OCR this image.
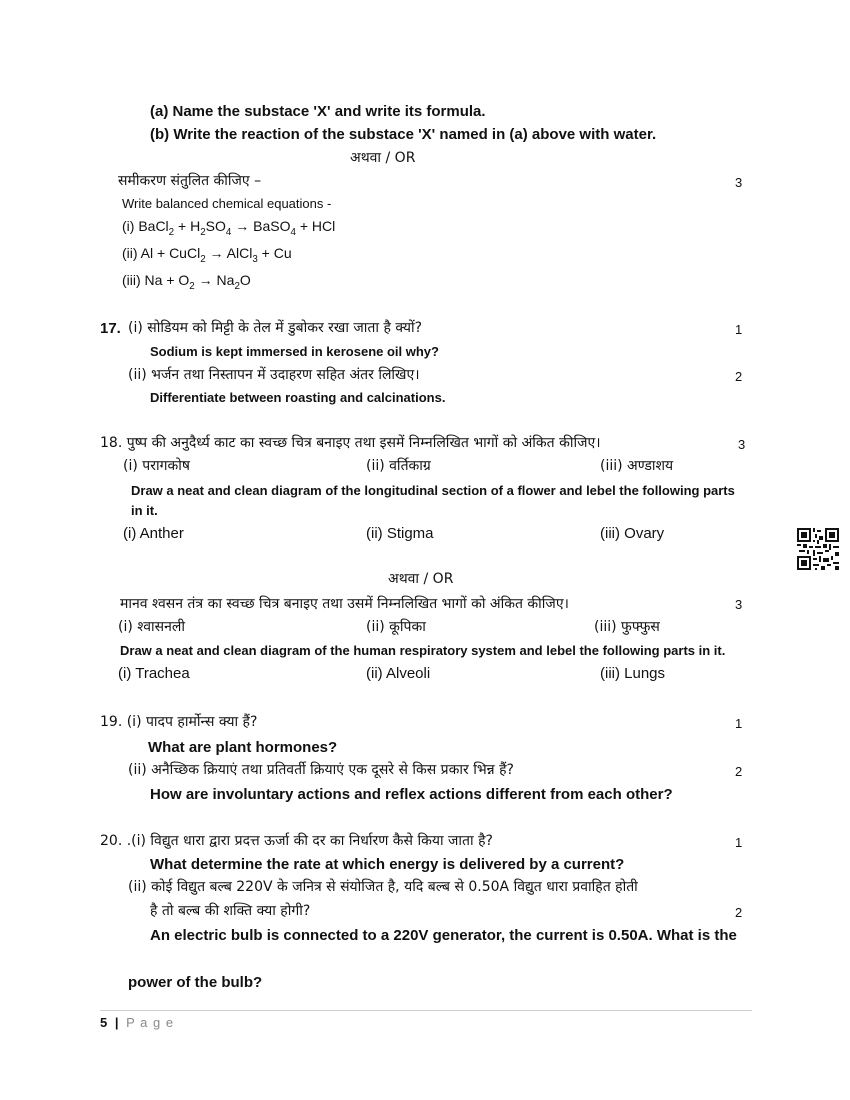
(a) Name the substace 'X' and write its formula.
(b) Write the reaction of the substace 'X' named in (a) above with water.
अथवा / OR
समीकरण संतुलित कीजिए –	3
Write balanced chemical equations -
(i) BaCl$_2$ + $H_2SO_4$ → BaSO$_4$ + HCl
(ii) Al + CuCl$_2$ → AlCl$_3$ + Cu
(iii) $Na + O_2 \to Na_2O$
17. (i) सोडियम को मिट्टी के तेल में डुबोकर रखा जाता है क्यों?	1
Sodium is kept immersed in kerosene oil why?
(ii) भर्जन तथा निस्तापन में उदाहरण सहित अंतर लिखिए।	2
Differentiate between roasting and calcinations.
18. पुष्प की अनुदैर्ध्य काट का स्वच्छ चित्र बनाइए तथा इसमें निम्नलिखित भागों को अंकित कीजिए।	3
(i) परागकोष	(ii) वर्तिकाग्र	(iii) अण्डाशय
Draw a neat and clean diagram of the longitudinal section of a flower and lebel the following parts
in it.
(i) Anther	(ii) Stigma	(iii) Ovary
अथवा / OR
मानव श्वसन तंत्र का स्वच्छ चित्र बनाइए तथा उसमें निम्नलिखित भागों को अंकित कीजिए।	3
(i) श्वासनली	(ii) कूपिका	(iii) फुफ्फुस
Draw a neat and clean diagram of the human respiratory system and lebel the following parts in it.
(i) Trachea	(ii) Alveoli	(iii) Lungs
19. (i) पादप हार्मोन्स क्या हैं?	1
What are plant hormones?
(ii) अनैच्छिक क्रियाएं तथा प्रतिवर्ती क्रियाएं एक दूसरे से किस प्रकार भिन्न हैं?	2
How are involuntary actions and reflex actions different from each other?
20. .(i) विद्युत धारा द्वारा प्रदत्त ऊर्जा की दर का निर्धारण कैसे किया जाता है?	1
What determine the rate at which energy is delivered by a current?
(ii) कोई विद्युत बल्ब 220V के जनित्र से संयोजित है, यदि बल्ब से 0.50A विद्युत धारा प्रवाहित होती
है तो बल्ब की शक्ति क्या होगी?	2
An electric bulb is connected to a 220V generator, the current is 0.50A. What is the
power of the bulb?
5 | P a g e
